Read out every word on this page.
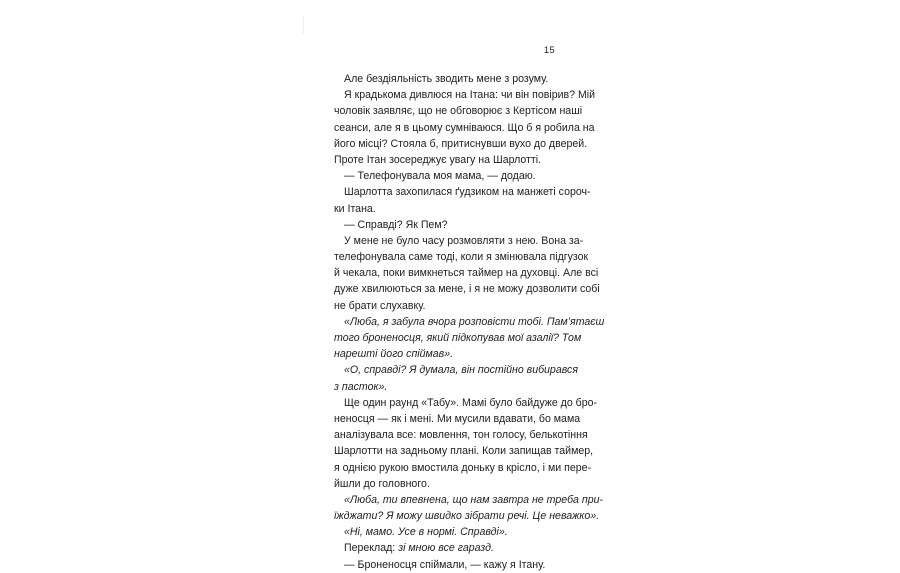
15
Але бездіяльність зводить мене з розуму.
Я крадькома дивлюся на Ітана: чи він повірив? Мій
чоловік заявляє, що не обговорює з Кертісом наші
сеанси, але я в цьому сумніваюся. Що б я робила на
його місці? Стояла б, притиснувши вухо до дверей.
Проте Ітан зосереджує увагу на Шарлотті.
— Телефонувала моя мама, — додаю.
Шарлотта захопилася ґудзиком на манжеті сороч-
ки Ітана.
— Справді? Як Пем?
У мене не було часу розмовляти з нею. Вона за-
телефонувала саме тоді, коли я змінювала підгузок
й чекала, поки вимкнеться таймер на духовці. Але всі
дуже хвилюються за мене, і я не можу дозволити собі
не брати слухавку.
«Люба, я забула вчора розповісти тобі. Пам’ятаєш
того броненосця, який підкопував мої азалії? Том
нарешті його спіймав».
«О, справді? Я думала, він постійно вибирався
з пасток».
Ще один раунд «Табу». Мамі було байдуже до бро-
неносця — як і мені. Ми мусили вдавати, бо мама
аналізувала все: мовлення, тон голосу, белькотіння
Шарлотти на задньому плані. Коли запищав таймер,
я однією рукою вмостила доньку в крісло, і ми пере-
йшли до головного.
«Люба, ти впевнена, що нам завтра не треба при-
їжджати? Я можу швидко зібрати речі. Це неважко».
«Ні, мамо. Усе в нормі. Справді».
Переклад: зі мною все гаразд.
— Броненосця спіймали, — кажу я Ітану.
